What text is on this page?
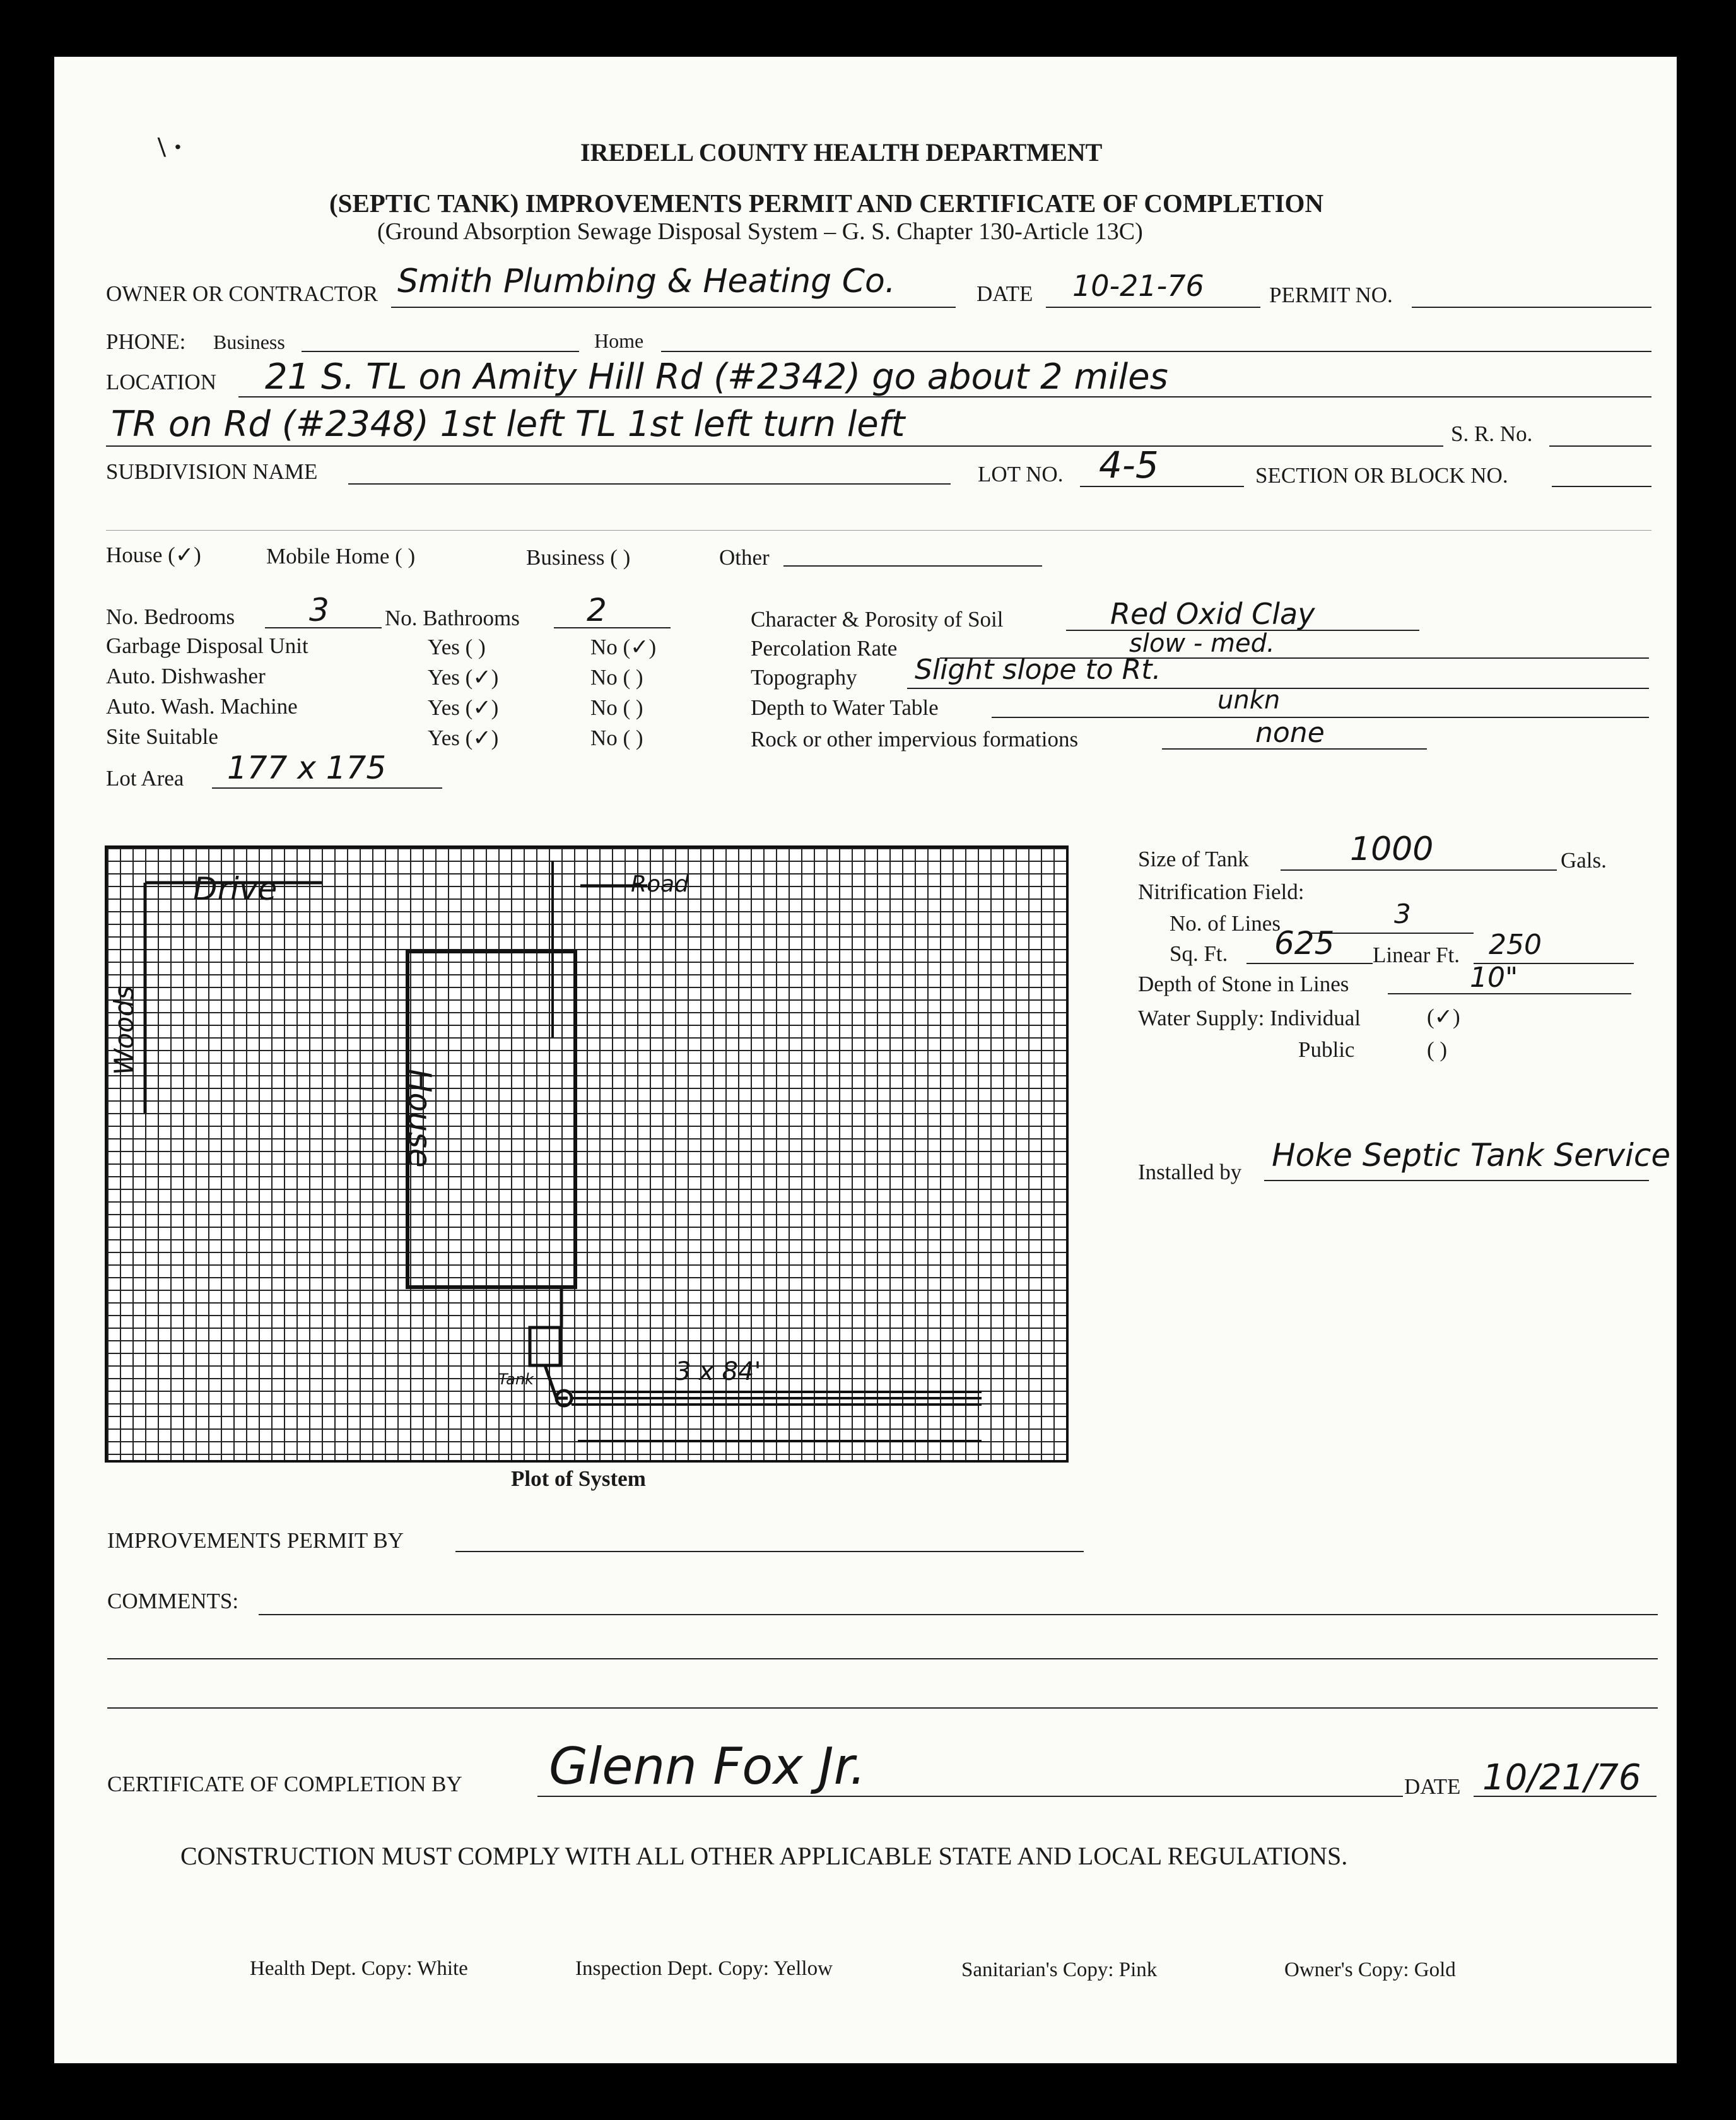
\ ·	IREDELL COUNTY HEALTH DEPARTMENT
(SEPTIC TANK) IMPROVEMENTS PERMIT AND CERTIFICATE OF COMPLETION
(Ground Absorption Sewage Disposal System – G. S. Chapter 130-Article 13C)
OWNER OR CONTRACTOR Smith Plumbing & Heating Co.	DATE 10-21-76	PERMIT NO.
PHONE: Business	Home
LOCATION 21 S. TL on Amity Hill Rd (#2342) go about 2 miles
TR on Rd (#2348) 1st left TL 1st left turn left	S. R. No.
SUBDIVISION NAME	LOT NO. 4-5	SECTION OR BLOCK NO.
House (✓)	Mobile Home ( )	Business ( )	Other
No. Bedrooms 3	No. Bathrooms 2
Garbage Disposal Unit	Yes ( )	No (✓)
Auto. Dishwasher	Yes (✓)	No ( )
Auto. Wash. Machine	Yes (✓)	No ( )
Site Suitable	Yes (✓)	No ( )
Lot Area 177 x 175
Character & Porosity of Soil	Red Oxid Clay
Percolation Rate	slow - med.
Topography Slight slope to Rt.
Depth to Water Table	unkn
Rock or other impervious formations	none
Drive	Road
House
Woods
Tank	3 x 84'
Plot of System
Size of Tank	1000	Gals.
Nitrification Field:
No. of Lines	3
Sq. Ft. 625 Linear Ft. 250
Depth of Stone in Lines	10"
Water Supply: Individual	(✓)
Public	( )
Installed by Hoke Septic Tank Service
IMPROVEMENTS PERMIT BY
COMMENTS:
CERTIFICATE OF COMPLETION BY Glenn Fox Jr.	DATE 10/21/76
CONSTRUCTION MUST COMPLY WITH ALL OTHER APPLICABLE STATE AND LOCAL REGULATIONS.
Health Dept. Copy: White	Inspection Dept. Copy: Yellow	Sanitarian's Copy: Pink	Owner's Copy: Gold
